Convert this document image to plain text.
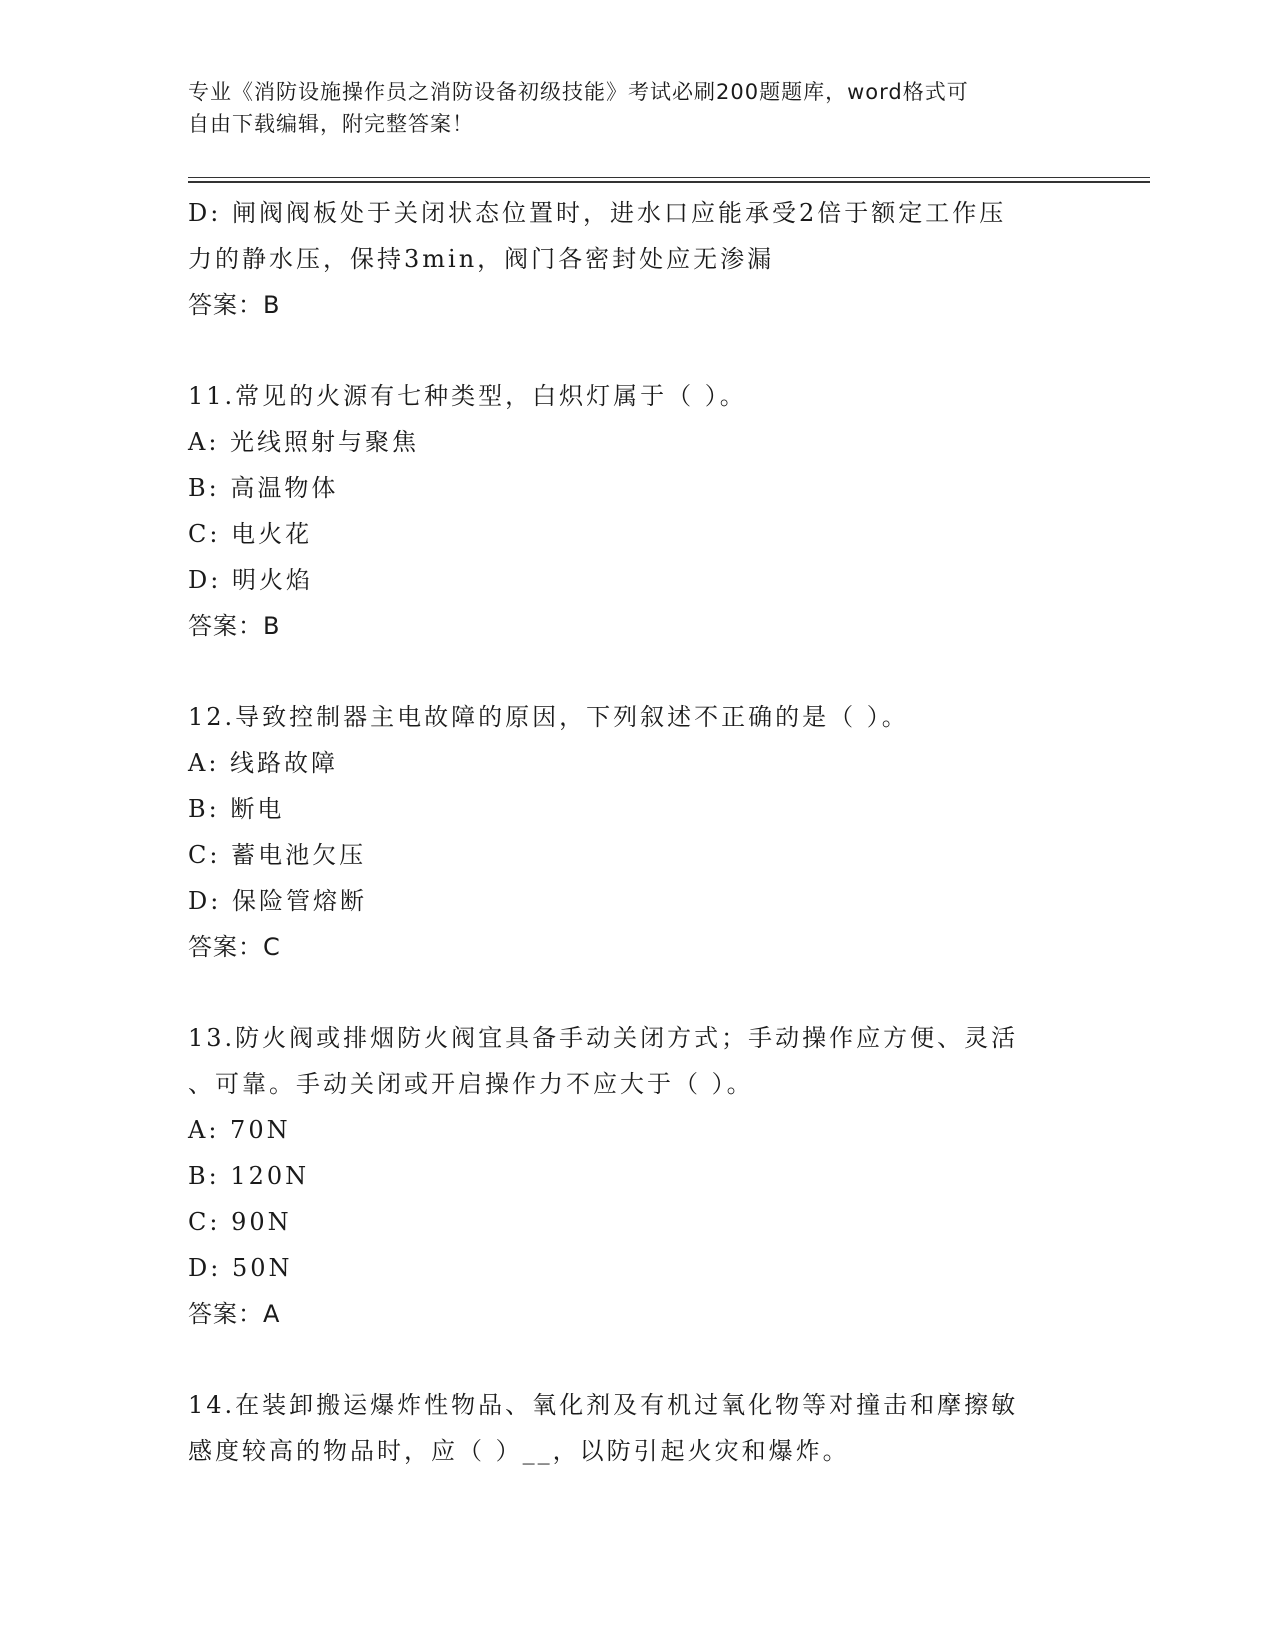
专业《消防设施操作员之消防设备初级技能》考试必刷200题题库，word格式可
自由下载编辑，附完整答案！
D: 闸阀阀板处于关闭状态位置时，进水口应能承受2倍于额定工作压
力的静水压，保持3min，阀门各密封处应无渗漏
答案：B
11.常见的火源有七种类型，白炽灯属于（ ）。
A: 光线照射与聚焦
B: 高温物体
C: 电火花
D: 明火焰
答案：B
12.导致控制器主电故障的原因，下列叙述不正确的是（ ）。
A: 线路故障
B: 断电
C: 蓄电池欠压
D: 保险管熔断
答案：C
13.防火阀或排烟防火阀宜具备手动关闭方式；手动操作应方便、灵活
、可靠。手动关闭或开启操作力不应大于（ ）。
A: 70N
B: 120N
C: 90N
D: 50N
答案：A
14.在装卸搬运爆炸性物品、氧化剂及有机过氧化物等对撞击和摩擦敏
感度较高的物品时，应（ ）__，以防引起火灾和爆炸。
